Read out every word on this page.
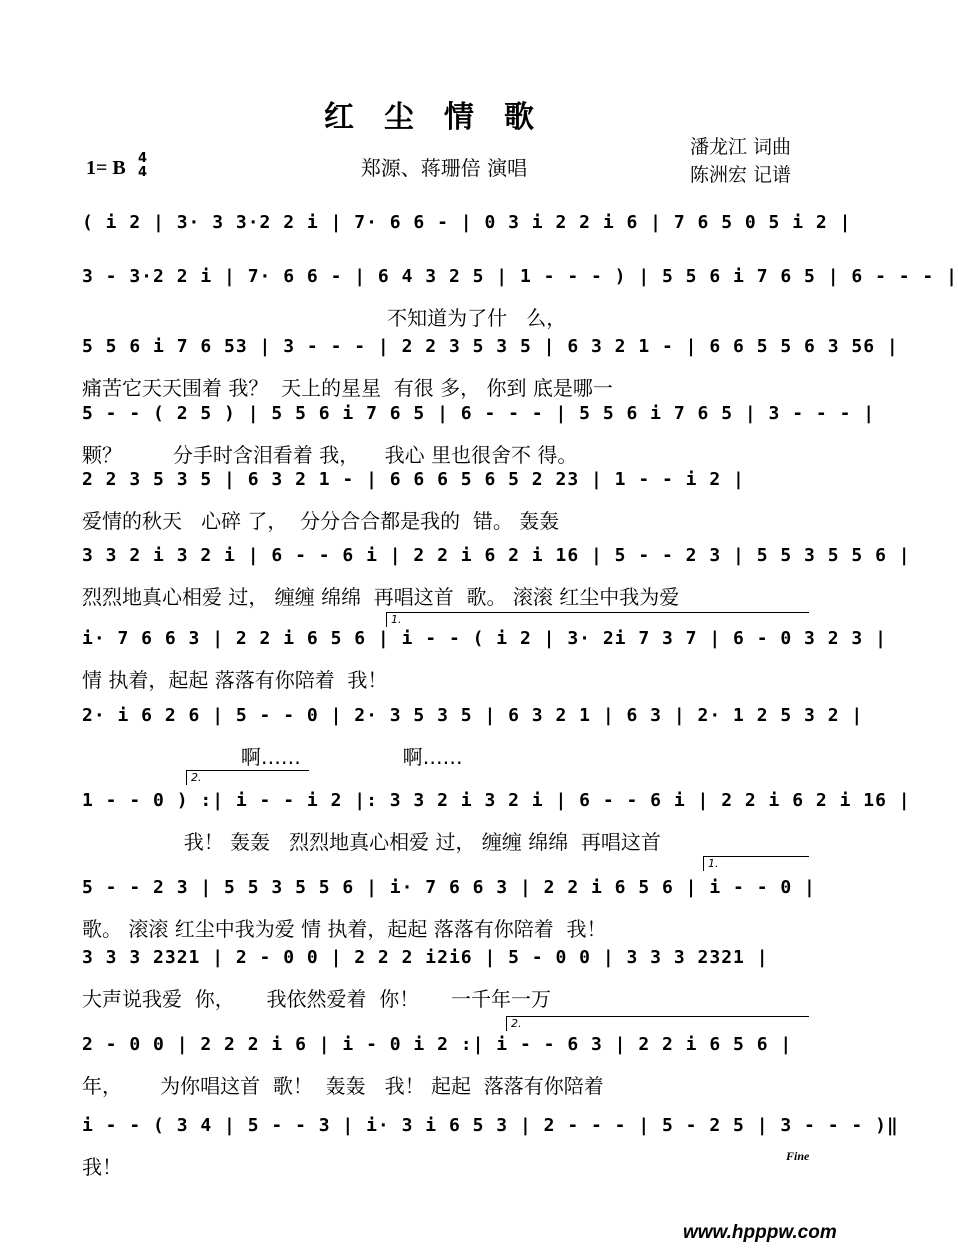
红尘情歌
1= B 4
4	郑源、蒋珊倍 演唱
潘龙江 词曲
陈洲宏 记谱
( i 2 | 3· 3 3·2 2 i | 7· 6 6 - | 0 3 i 2 2 i 6 | 7 6 5 0 5 i 2 |
3 - 3·2 2 i | 7· 6 6 - | 6 4 3 2 5 | 1 - - - ) | 5 5 6 i 7 6 5 | 6 - - - |
不知道为了什   么，
5 5 6 i 7 6 53 | 3 - - - | 2 2 3 5 3 5 | 6 3 2 1 - | 6 6 5 5 6 3 56 |
痛苦它天天围着 我？  天上的星星  有很 多， 你到 底是哪一
5 - - ( 2 5 ) | 5 5 6 i 7 6 5 | 6 - - - | 5 5 6 i 7 6 5 | 3 - - - |
颗？        分手时含泪看着 我，    我心 里也很舍不 得。
2 2 3 5 3 5 | 6 3 2 1 - | 6 6 6 5 6 5 2 23 | 1 - - i 2 |
爱情的秋天   心碎 了，  分分合合都是我的  错。 轰轰
3 3 2 i 3 2 i | 6 - - 6 i | 2 2 i 6 2 i 16 | 5 - - 2 3 | 5 5 3 5 5 6 |
烈烈地真心相爱 过， 缠缠 绵绵  再唱这首  歌。 滚滚 红尘中我为爱
i· 7 6 6 3 | 2 2 i 6 5 6 | i - - ( i 2 | 3· 2i 7 3 7 | 6 - 0 3 2 3 |
情 执着，起起 落落有你陪着  我！
2· i 6 2 6 | 5 - - 0 | 2· 3 5 3 5 | 6 3 2 1 | 6 3 | 2· 1 2 5 3 2 |
啊……                啊……
1 - - 0 ) :| i - - i 2 |: 3 3 2 i 3 2 i | 6 - - 6 i | 2 2 i 6 2 i 16 |
我！ 轰轰   烈烈地真心相爱 过， 缠缠 绵绵  再唱这首
5 - - 2 3 | 5 5 3 5 5 6 | i· 7 6 6 3 | 2 2 i 6 5 6 | i - - 0 |
歌。 滚滚 红尘中我为爱 情 执着，起起 落落有你陪着  我！
3 3 3 2321 | 2 - 0 0 | 2 2 2 i2i6 | 5 - 0 0 | 3 3 3 2321 |
大声说我爱  你，     我依然爱着  你！     一千年一万
2 - 0 0 | 2 2 2 i 6 | i - 0 i 2 :| i - - 6 3 | 2 2 i 6 5 6 |
年，      为你唱这首  歌！  轰轰   我！ 起起  落落有你陪着
i - - ( 3 4 | 5 - - 3 | i· 3 i 6 5 3 | 2 - - - | 5 - 2 5 | 3 - - - )‖
我！
1.
2.
1.
2.
Fine
www.hpppw.com
